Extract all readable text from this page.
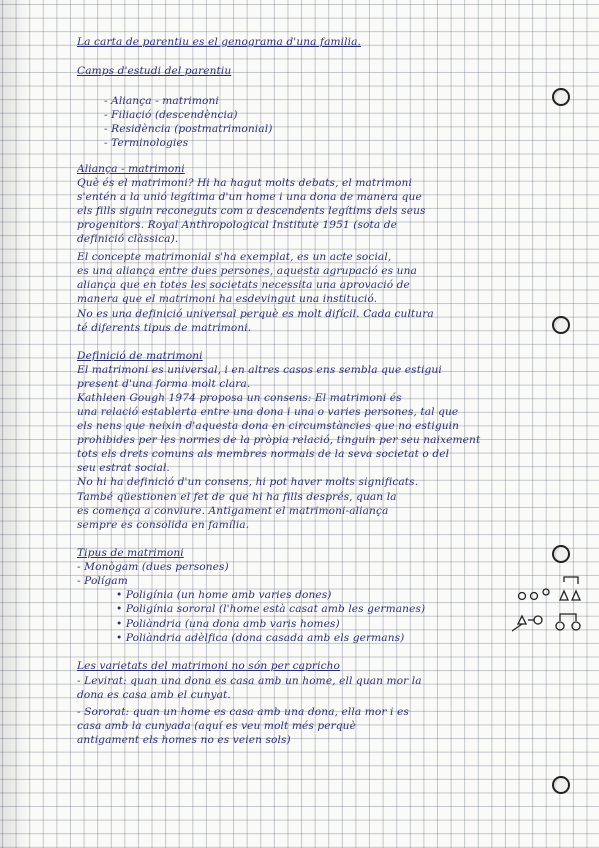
La carta de parentiu es el genograma d'una familia.
Camps d'estudi del parentiu
- Aliança - matrimoni
- Filiació (descendència)
- Residència (postmatrimonial)
- Terminologies
Aliança - matrimoni
Què és el matrimoni? Hi ha hagut molts debats, el matrimoni
s'entén a la unió legítima d'un home i una dona de manera que
els fills siguin reconeguts com a descendents legítims dels seus
progenitors. Royal Anthropological Institute 1951 (sota de
definició clàssica).
El concepte matrimonial s'ha exemplat, es un acte social,
es una aliança entre dues persones, aquesta agrupació es una
aliança que en totes les societats necessita una aprovació de
manera que el matrimoni ha esdevingut una institució.
No es una definició universal perquè es molt difícil. Cada cultura
té diferents tipus de matrimoni.
Definició de matrimoni
El matrimoni es universal, i en altres casos ens sembla que estigui
present d'una forma molt clara.
Kathleen Gough 1974 proposa un consens: El matrimoni és
una relació establerta entre una dona i una o varies persones, tal que
els nens que neixin d'aquesta dona en circumstàncies que no estiguin
prohibides per les normes de la pròpia relació, tinguin per seu naixement
tots els drets comuns als membres normals de la seva societat o del
seu estrat social.
No hi ha definició d'un consens, hi pot haver molts significats.
També qüestionen el fet de que hi ha fills després, quan la
es comença a conviure. Antigament el matrimoni-aliança
sempre es consolida en família.
Tipus de matrimoni
- Monògam (dues persones)
- Polígam
• Poligínia (un home amb varies dones)
• Poligínia sororal (l'home està casat amb les germanes)
• Poliàndria (una dona amb varis homes)
• Poliàndria adèlfica (dona casada amb els germans)
Les varietats del matrimoni no són per capricho
- Levirat: quan una dona es casa amb un home, ell quan mor la
dona es casa amb el cunyat.
- Sororat: quan un home es casa amb una dona, ella mor i es
casa amb la cunyada (aquí es veu molt més perquè
antigament els homes no es veien sols)
